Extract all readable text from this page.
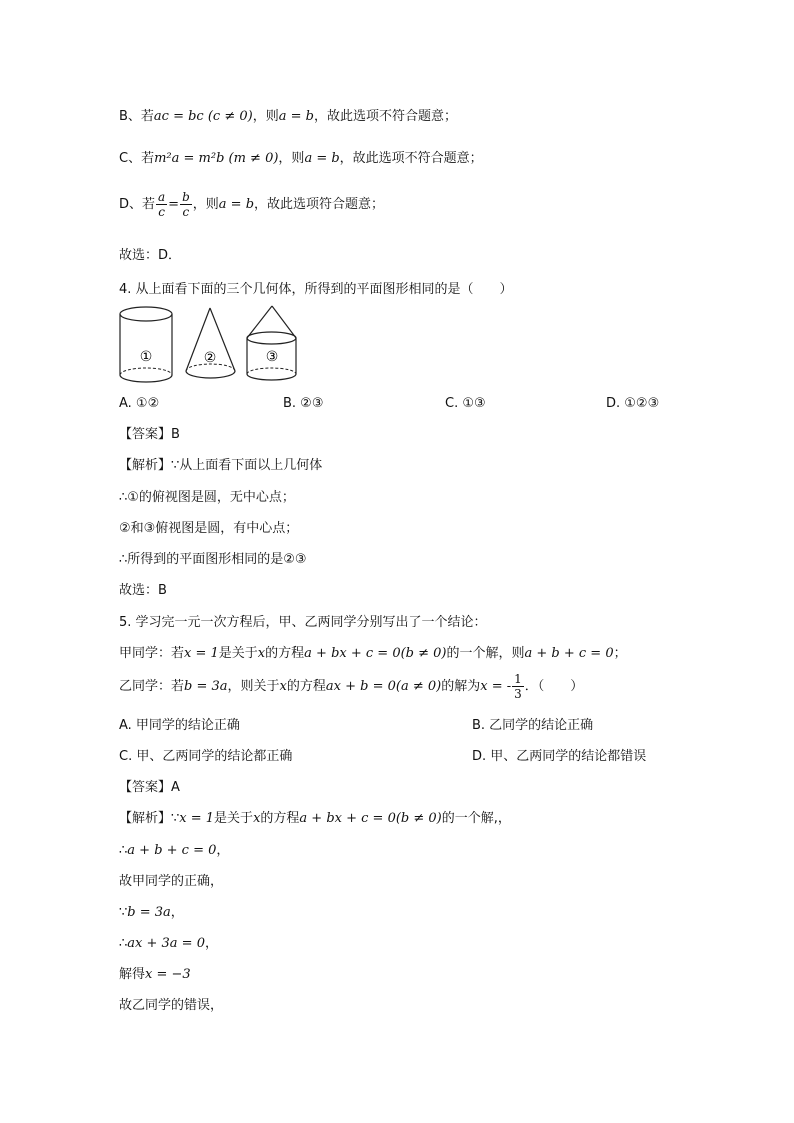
B、若ac = bc (c ≠ 0)，则a = b，故此选项不符合题意；
C、若m²a = m²b (m ≠ 0)，则a = b，故此选项不符合题意；
D、若 $\frac{a}{c} = \frac{b}{c}$ ，则a = b，故此选项符合题意；
故选：D．
4. 从上面看下面的三个几何体，所得到的平面图形相同的是（　　）
①	②	③
A. ①②	B. ②③	C. ①③	D. ①②③
【答案】B
【解析】∵从上面看下面以上几何体
∴①的俯视图是圆，无中心点；
②和③俯视图是圆，有中心点；
∴所得到的平面图形相同的是②③
故选：B
5. 学习完一元一次方程后，甲、乙两同学分别写出了一个结论：
甲同学：若x = 1是关于x的方程a + bx + c = 0(b ≠ 0)的一个解，则a + b + c = 0；
乙同学：若b = 3a，则关于x的方程ax + b = 0(a ≠ 0)的解为x = - $\frac{1}{3}$ ．（　　）
A. 甲同学的结论正确	B. 乙同学的结论正确
C. 甲、乙两同学的结论都正确	D. 甲、乙两同学的结论都错误
【答案】A
【解析】∵x = 1是关于x的方程a + bx + c = 0(b ≠ 0)的一个解,，
∴a + b + c = 0，
故甲同学的正确，
∵b = 3a，
∴ax + 3a = 0，
解得x = −3
故乙同学的错误，
